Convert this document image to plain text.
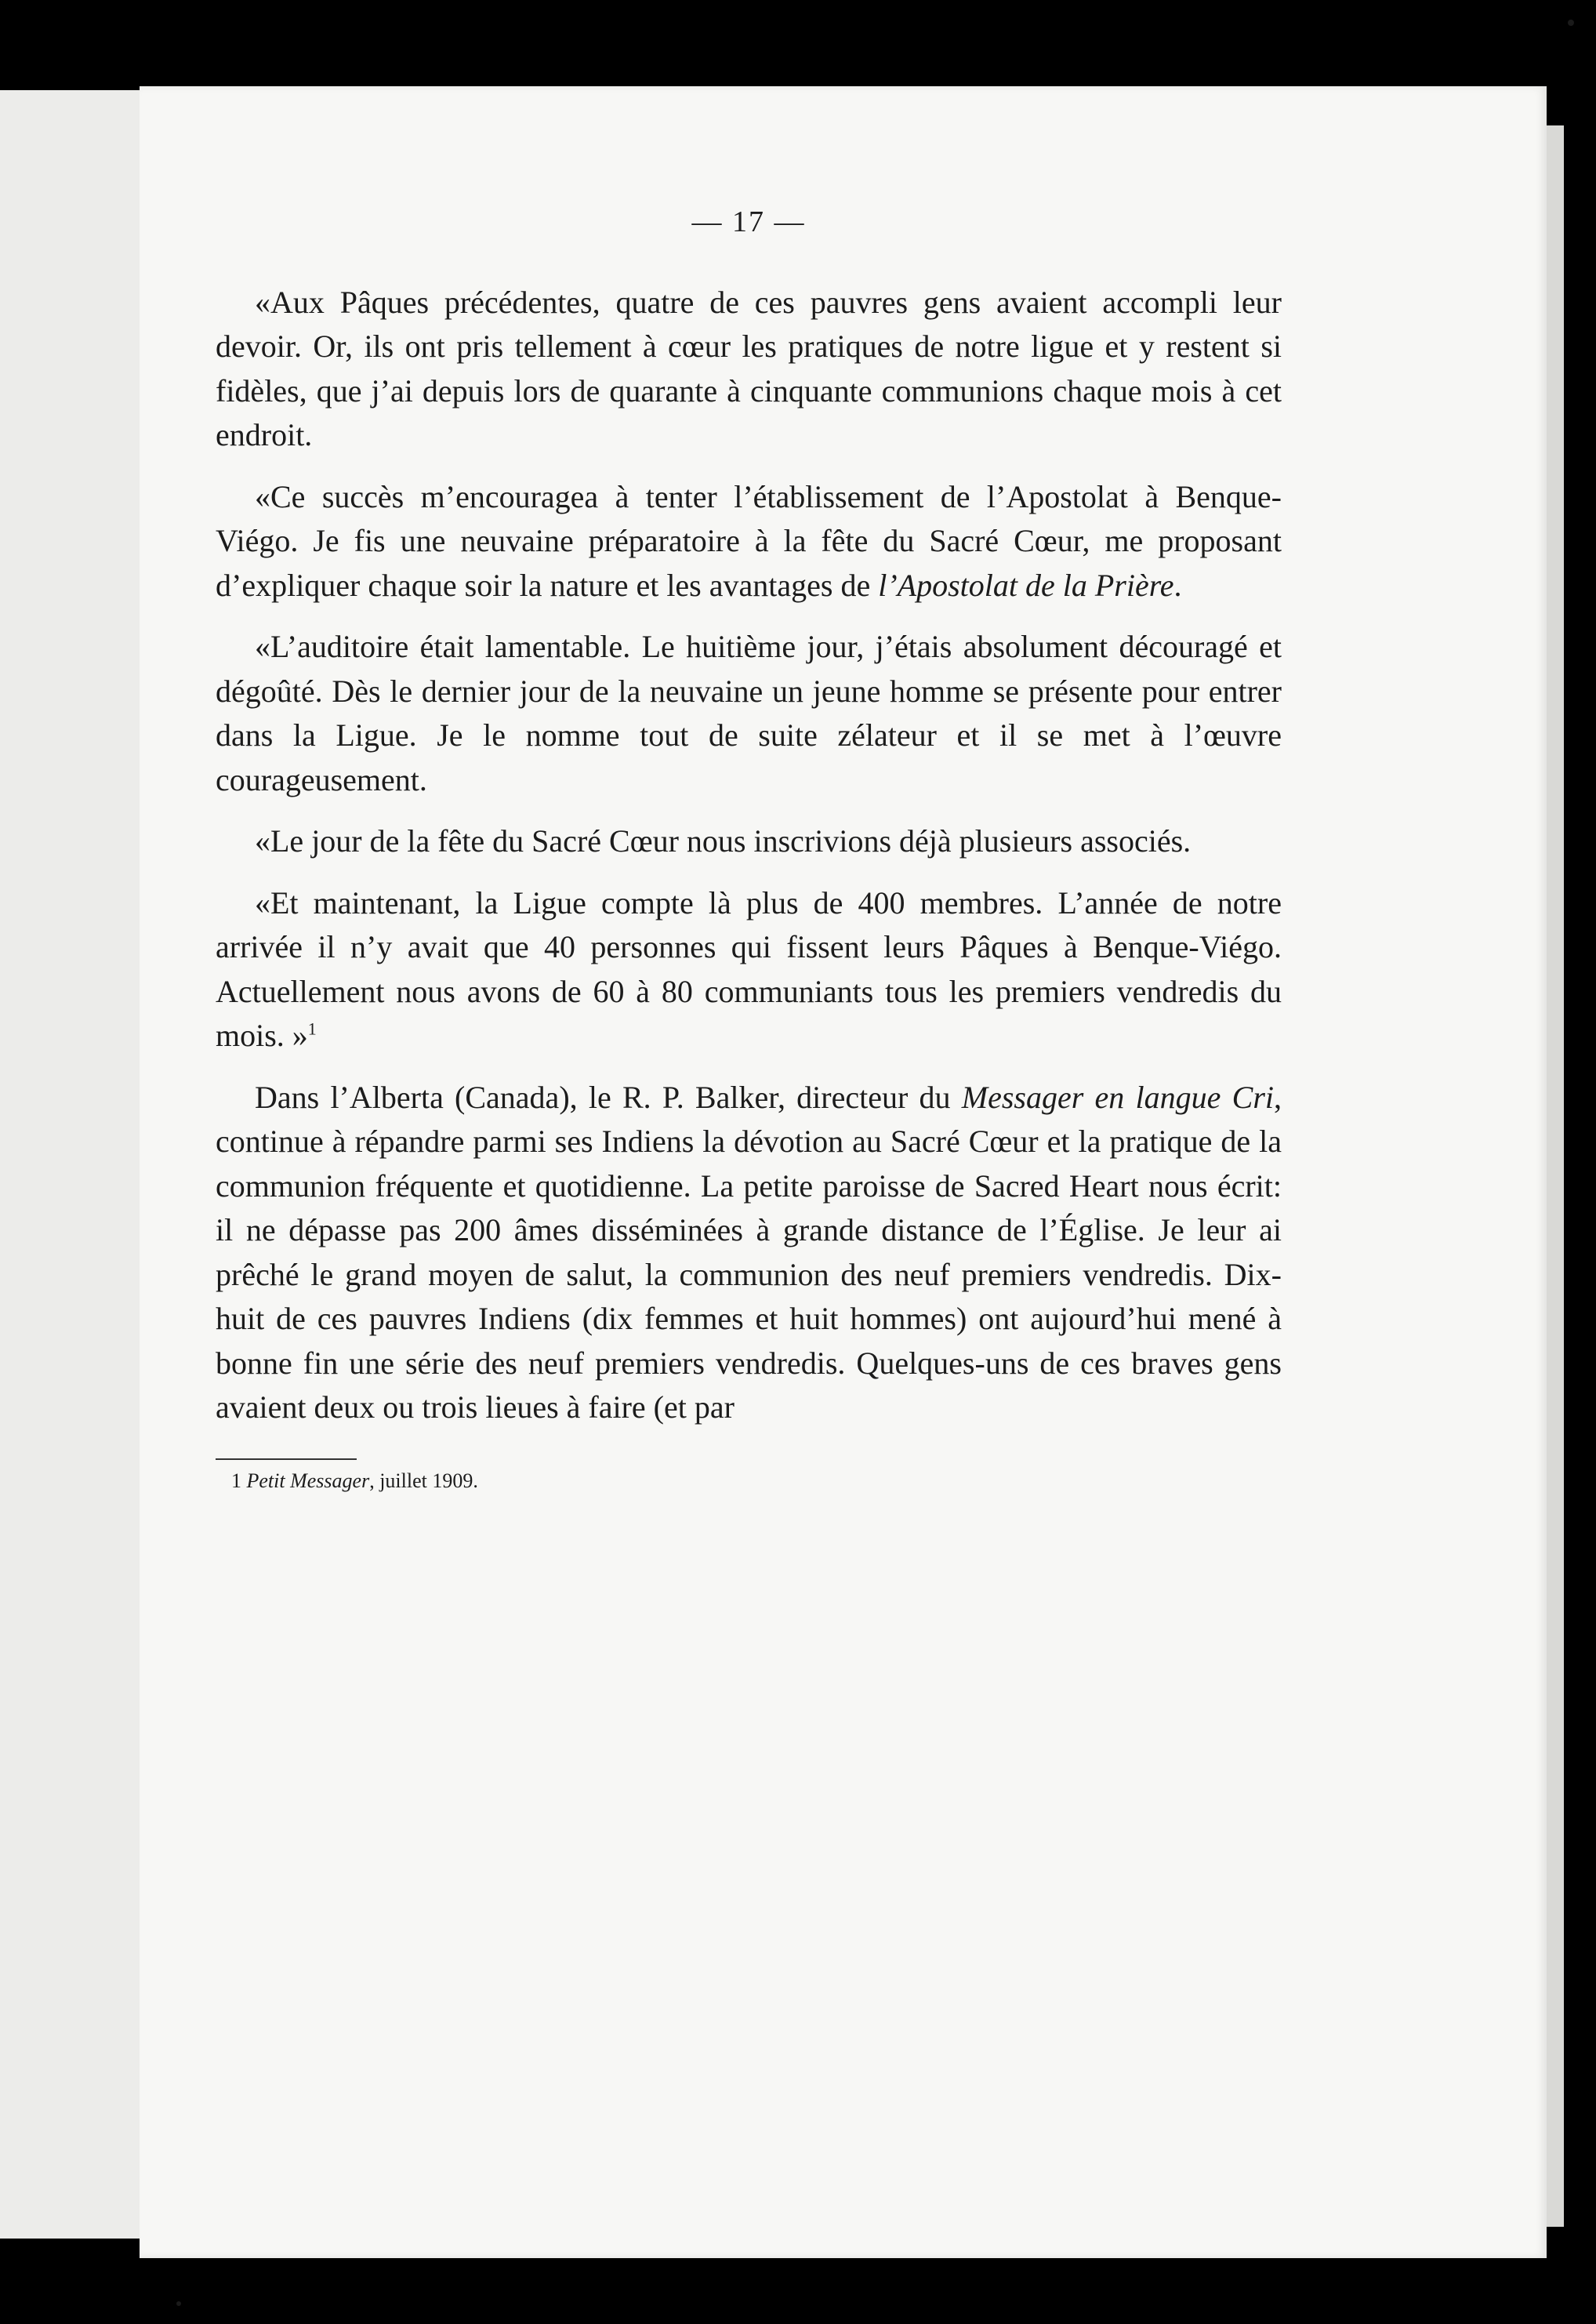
— 17 —

«Aux Pâques précédentes, quatre de ces pauvres gens avaient accompli leur devoir. Or, ils ont pris tellement à cœur les pratiques de notre ligue et y restent si fidèles, que j’ai depuis lors de quarante à cinquante communions chaque mois à cet endroit.

«Ce succès m’encouragea à tenter l’établissement de l’Apostolat à Benque-Viégo. Je fis une neuvaine préparatoire à la fête du Sacré Cœur, me proposant d’expliquer chaque soir la nature et les avantages de l’Apostolat de la Prière.

«L’auditoire était lamentable. Le huitième jour, j’étais absolument découragé et dégoûté. Dès le dernier jour de la neuvaine un jeune homme se présente pour entrer dans la Ligue. Je le nomme tout de suite zélateur et il se met à l’œuvre courageusement.

«Le jour de la fête du Sacré Cœur nous inscrivions déjà plusieurs associés.

«Et maintenant, la Ligue compte là plus de 400 membres. L’année de notre arrivée il n’y avait que 40 personnes qui fissent leurs Pâques à Benque-Viégo. Actuellement nous avons de 60 à 80 communiants tous les premiers vendredis du mois. »$^1$

Dans l’Alberta (Canada), le R. P. Balker, directeur du Messager en langue Cri, continue à répandre parmi ses Indiens la dévotion au Sacré Cœur et la pratique de la communion fréquente et quotidienne. La petite paroisse de Sacred Heart nous écrit: il ne dépasse pas 200 âmes disséminées à grande distance de l’Église. Je leur ai prêché le grand moyen de salut, la communion des neuf premiers vendredis. Dix-huit de ces pauvres Indiens (dix femmes et huit hommes) ont aujourd’hui mené à bonne fin une série des neuf premiers vendredis. Quelques-uns de ces braves gens avaient deux ou trois lieues à faire (et par

1 Petit Messager, juillet 1909.
